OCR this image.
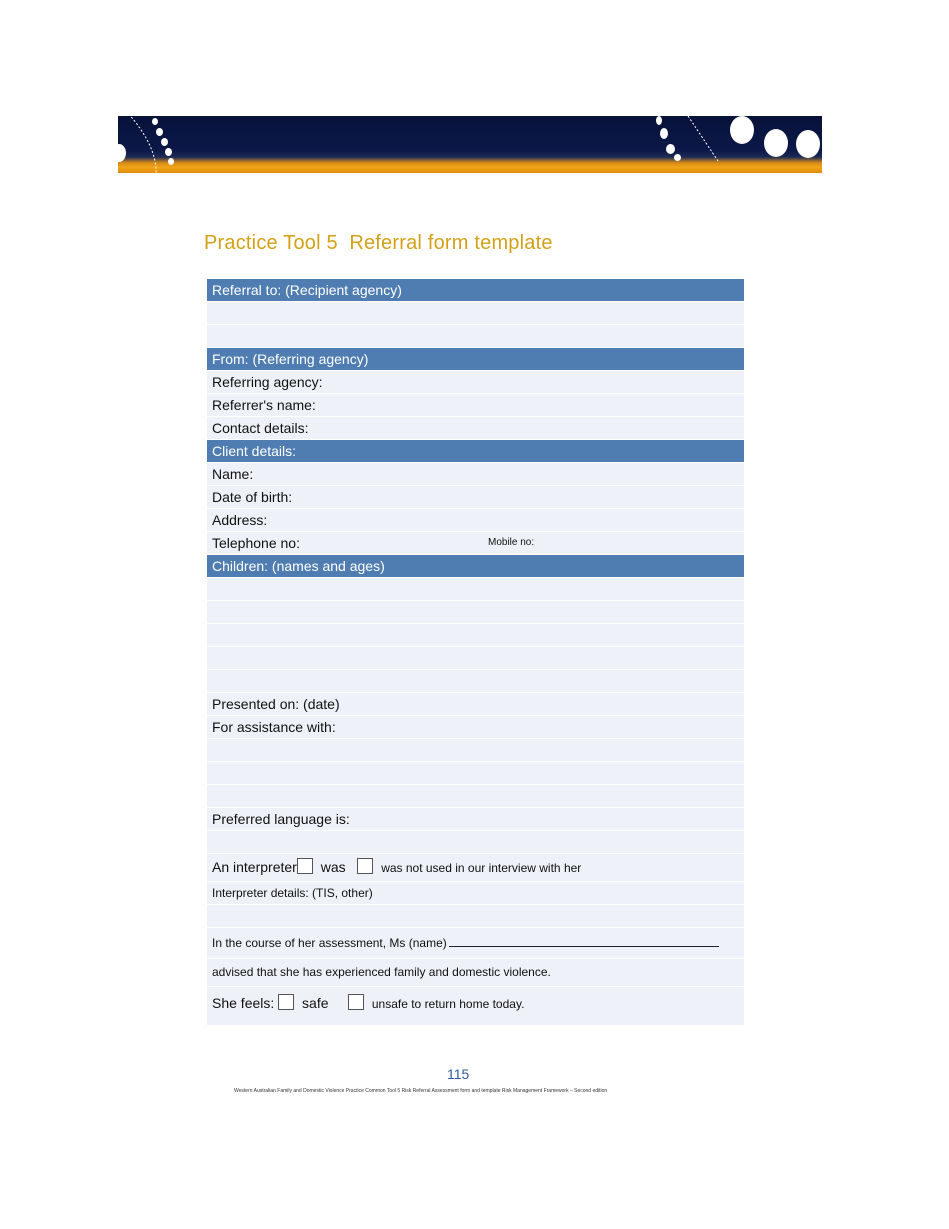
Practice Tool 5  Referral form template
Referral to: (Recipient agency)
From: (Referring agency)
Referring agency:
Referrer's name:
Contact details:
Client details:
Name:
Date of birth:
Address:
Telephone no:	Mobile no:
Children: (names and ages)
Presented on: (date)
For assistance with:
Preferred language is:
An interpreter was	was not used in our interview with her
Interpreter details: (TIS, other)
In the course of her assessment, Ms (name)
advised that she has experienced family and domestic violence.
She feels: safe	unsafe to return home today.
115
Western Australian Family and Domestic Violence Practice Common Tool 5 Risk Referral Assessment form and template Risk Management Framework – Second edition
